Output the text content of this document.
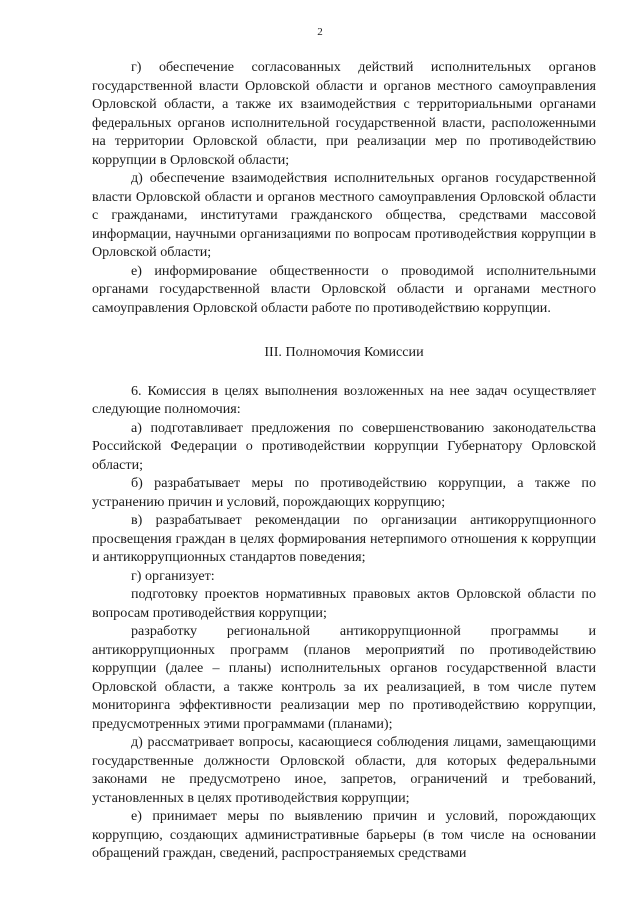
2

г) обеспечение согласованных действий исполнительных органов государственной власти Орловской области и органов местного самоуправления Орловской области, а также их взаимодействия с территориальными органами федеральных органов исполнительной государственной власти, расположенными на территории Орловской области, при реализации мер по противодействию коррупции в Орловской области;

д) обеспечение взаимодействия исполнительных органов государственной власти Орловской области и органов местного самоуправления Орловской области с гражданами, институтами гражданского общества, средствами массовой информации, научными организациями по вопросам противодействия коррупции в Орловской области;

е) информирование общественности о проводимой исполнительными органами государственной власти Орловской области и органами местного самоуправления Орловской области работе по противодействию коррупции.

III. Полномочия Комиссии

6. Комиссия в целях выполнения возложенных на нее задач осуществляет следующие полномочия:

а) подготавливает предложения по совершенствованию законодательства Российской Федерации о противодействии коррупции Губернатору Орловской области;

б) разрабатывает меры по противодействию коррупции, а также по устранению причин и условий, порождающих коррупцию;

в) разрабатывает рекомендации по организации антикоррупционного просвещения граждан в целях формирования нетерпимого отношения к коррупции и антикоррупционных стандартов поведения;

г) организует:

подготовку проектов нормативных правовых актов Орловской области по вопросам противодействия коррупции;

разработку региональной антикоррупционной программы и антикоррупционных программ (планов мероприятий по противодействию коррупции (далее – планы) исполнительных органов государственной власти Орловской области, а также контроль за их реализацией, в том числе путем мониторинга эффективности реализации мер по противодействию коррупции, предусмотренных этими программами (планами);

д) рассматривает вопросы, касающиеся соблюдения лицами, замещающими государственные должности Орловской области, для которых федеральными законами не предусмотрено иное, запретов, ограничений и требований, установленных в целях противодействия коррупции;

е) принимает меры по выявлению причин и условий, порождающих коррупцию, создающих административные барьеры (в том числе на основании обращений граждан, сведений, распространяемых средствами
